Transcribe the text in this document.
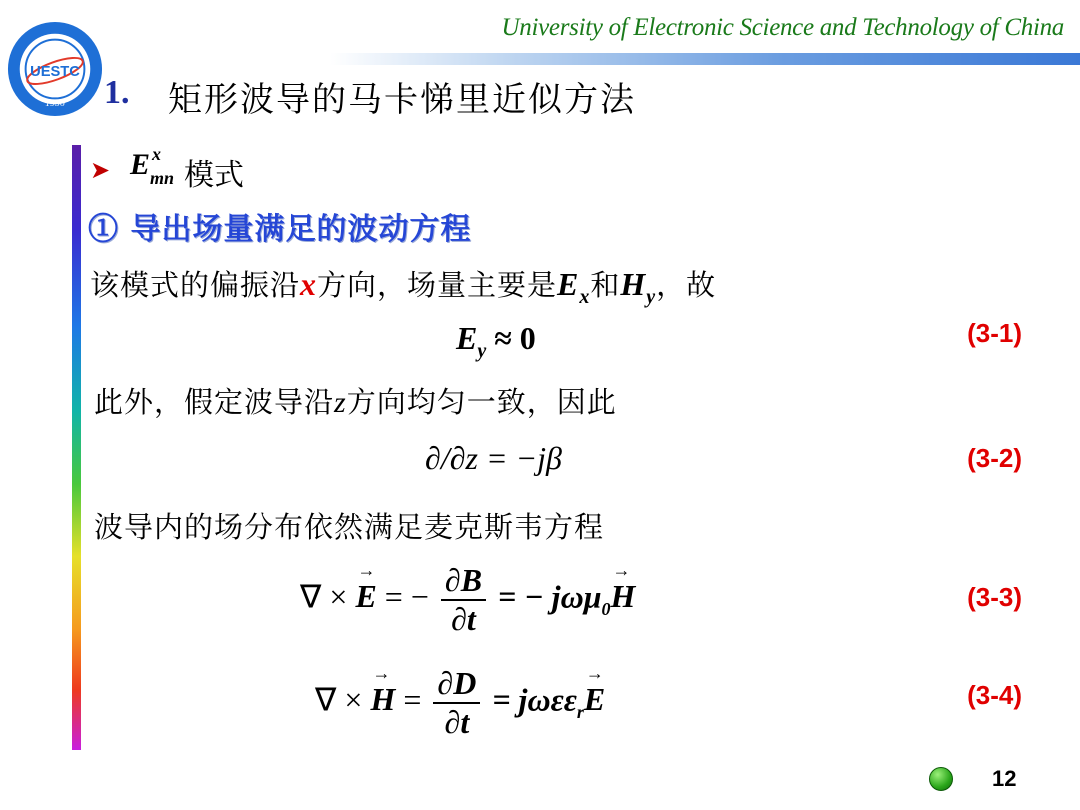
University of Electronic Science and Technology of China
UESTC
1956 1. 矩形波导的马卡悌里近似方法
➤ E x
mn 模式
① 导出场量满足的波动方程
该模式的偏振沿x方向，场量主要是$E_x$和$H_y$，故
$E_y \approx 0$	(3-1)
此外，假定波导沿z方向均匀一致，因此
∂/∂z = −jβ	(3-2)
波导内的场分布依然满足麦克斯韦方程
∇ × → E = − $\frac{\partial B}{\partial t}$ = − jωμ$_0$→ H	(3-3)
∇ × → $H = \frac{\partial D}{\partial t} = j\omega\varepsilon\varepsilon_r\to E$	(3-4)
12
